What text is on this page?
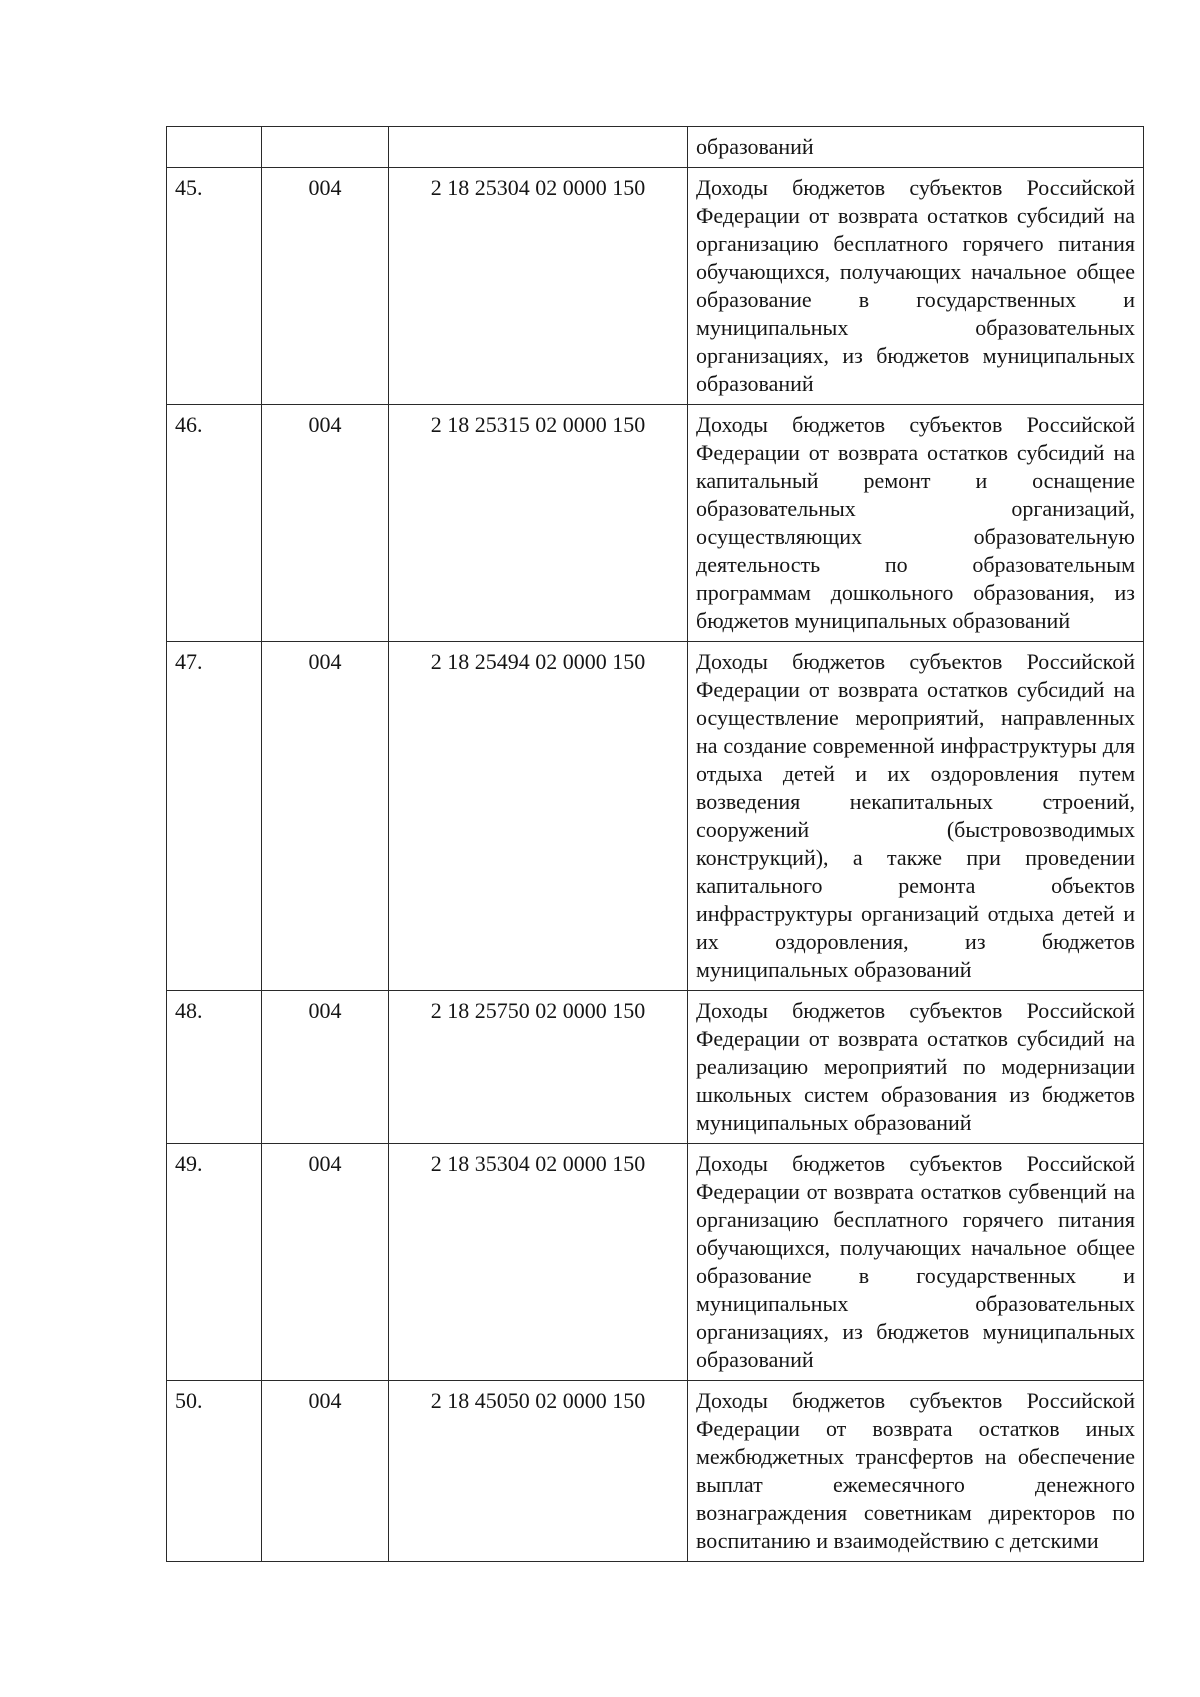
			образований
45.	004	2 18 25304 02 0000 150	Доходы бюджетов субъектов Российской Федерации от возврата остатков субсидий на организацию бесплатного горячего питания обучающихся, получающих начальное общее образование в государственных и муниципальных образовательных организациях, из бюджетов муниципальных образований
46.	004	2 18 25315 02 0000 150	Доходы бюджетов субъектов Российской Федерации от возврата остатков субсидий на капитальный ремонт и оснащение образовательных организаций, осуществляющих образовательную деятельность по образовательным программам дошкольного образования, из бюджетов муниципальных образований
47.	004	2 18 25494 02 0000 150	Доходы бюджетов субъектов Российской Федерации от возврата остатков субсидий на осуществление мероприятий, направленных на создание современной инфраструктуры для отдыха детей и их оздоровления путем возведения некапитальных строений, сооружений (быстровозводимых конструкций), а также при проведении капитального ремонта объектов инфраструктуры организаций отдыха детей и их оздоровления, из бюджетов муниципальных образований
48.	004	2 18 25750 02 0000 150	Доходы бюджетов субъектов Российской Федерации от возврата остатков субсидий на реализацию мероприятий по модернизации школьных систем образования из бюджетов муниципальных образований
49.	004	2 18 35304 02 0000 150	Доходы бюджетов субъектов Российской Федерации от возврата остатков субвенций на организацию бесплатного горячего питания обучающихся, получающих начальное общее образование в государственных и муниципальных образовательных организациях, из бюджетов муниципальных образований
50.	004	2 18 45050 02 0000 150	Доходы бюджетов субъектов Российской Федерации от возврата остатков иных межбюджетных трансфертов на обеспечение выплат ежемесячного денежного вознаграждения советникам директоров по воспитанию и взаимодействию с детскими
